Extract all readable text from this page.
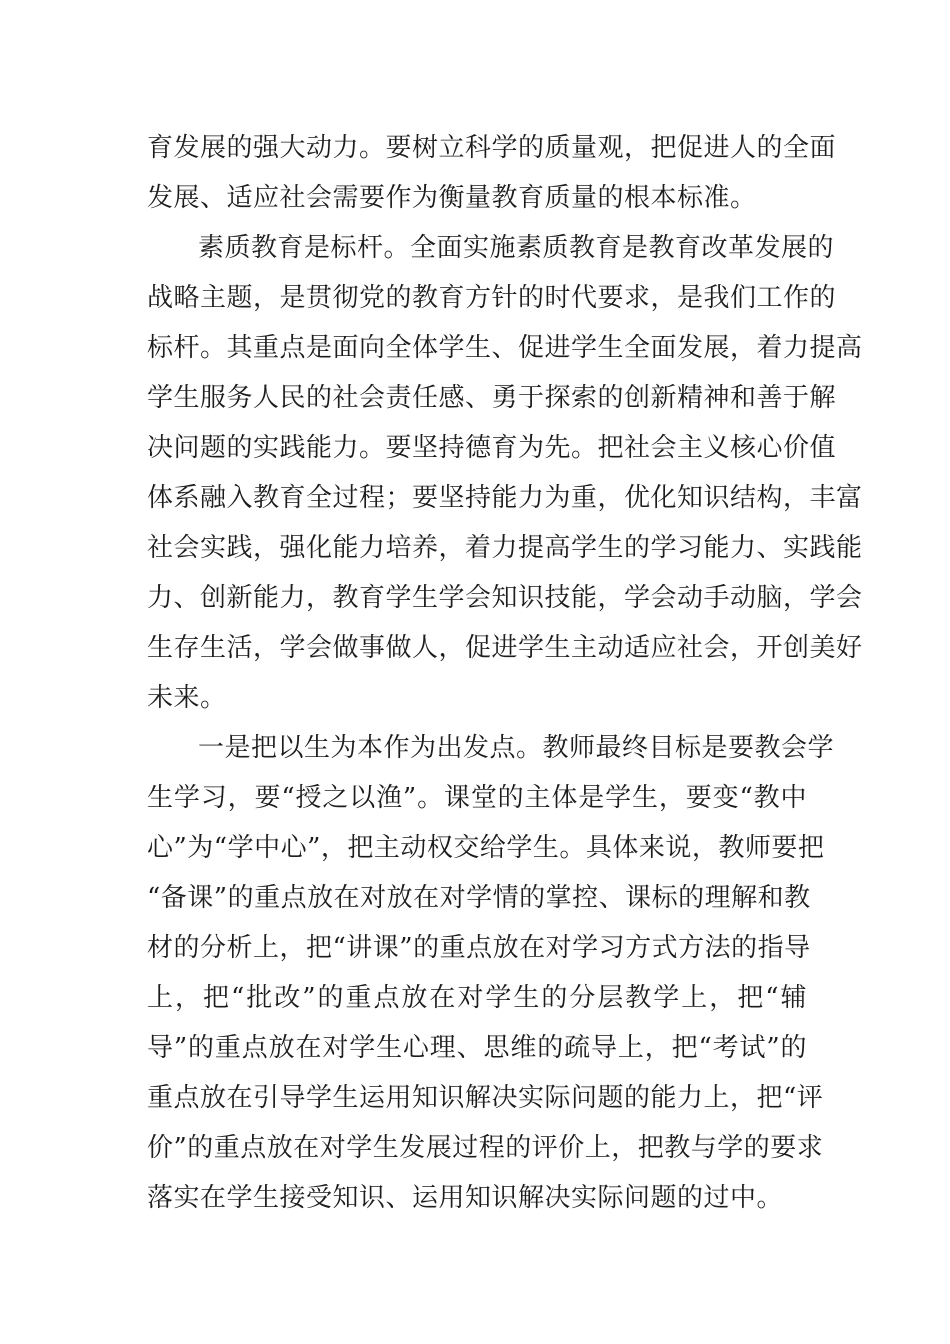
育发展的强大动力。要树立科学的质量观，把促进人的全面

发展、适应社会需要作为衡量教育质量的根本标准。

素质教育是标杆。全面实施素质教育是教育改革发展的

战略主题，是贯彻党的教育方针的时代要求，是我们工作的

标杆。其重点是面向全体学生、促进学生全面发展，着力提高

学生服务人民的社会责任感、勇于探索的创新精神和善于解

决问题的实践能力。要坚持德育为先。把社会主义核心价值

体系融入教育全过程；要坚持能力为重，优化知识结构，丰富

社会实践，强化能力培养，着力提高学生的学习能力、实践能

力、创新能力，教育学生学会知识技能，学会动手动脑，学会

生存生活，学会做事做人，促进学生主动适应社会，开创美好

未来。

一是把以生为本作为出发点。教师最终目标是要教会学

生学习，要“授之以渔”。课堂的主体是学生，要变“教中

心”为“学中心”，把主动权交给学生。具体来说，教师要把

“备课”的重点放在对放在对学情的掌控、课标的理解和教

材的分析上，把“讲课”的重点放在对学习方式方法的指导

上，把“批改”的重点放在对学生的分层教学上，把“辅

导”的重点放在对学生心理、思维的疏导上，把“考试”的

重点放在引导学生运用知识解决实际问题的能力上，把“评

价”的重点放在对学生发展过程的评价上，把教与学的要求

落实在学生接受知识、运用知识解决实际问题的过中。
